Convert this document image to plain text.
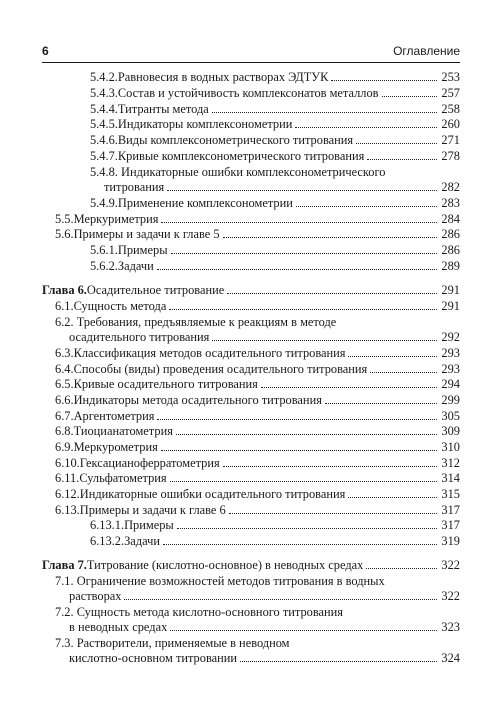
6	Оглавление
5.4.2. Равновесия в водных растворах ЭДТУК	253
5.4.3. Состав и устойчивость комплексонатов металлов	257
5.4.4. Титранты метода	258
5.4.5. Индикаторы комплексонометрии	260
5.4.6. Виды комплексонометрического титрования	271
5.4.7. Кривые комплексонометрического титрования	278
5.4.8. Индикаторные ошибки комплексонометрического
титрования	282
5.4.9. Применение комплексонометрии	283
5.5. Меркуриметрия	284
5.6. Примеры и задачи к главе 5	286
5.6.1. Примеры	286
5.6.2. Задачи	289
Глава 6. Осадительное титрование	291
6.1. Сущность метода	291
6.2. Требования, предъявляемые к реакциям в методе
осадительного титрования	292
6.3. Классификация методов осадительного титрования	293
6.4. Способы (виды) проведения осадительного титрования	293
6.5. Кривые осадительного титрования	294
6.6. Индикаторы метода осадительного титрования	299
6.7. Аргентометрия	305
6.8. Тиоцианатометрия	309
6.9. Меркурометрия	310
6.10. Гексацианоферратометрия	312
6.11. Сульфатометрия	314
6.12. Индикаторные ошибки осадительного титрования	315
6.13. Примеры и задачи к главе 6	317
6.13.1. Примеры	317
6.13.2. Задачи	319
Глава 7. Титрование (кислотно-основное) в неводных средах	322
7.1. Ограничение возможностей методов титрования в водных
растворах	322
7.2. Сущность метода кислотно-основного титрования
в неводных средах	323
7.3. Растворители, применяемые в неводном
кислотно-основном титровании	324
